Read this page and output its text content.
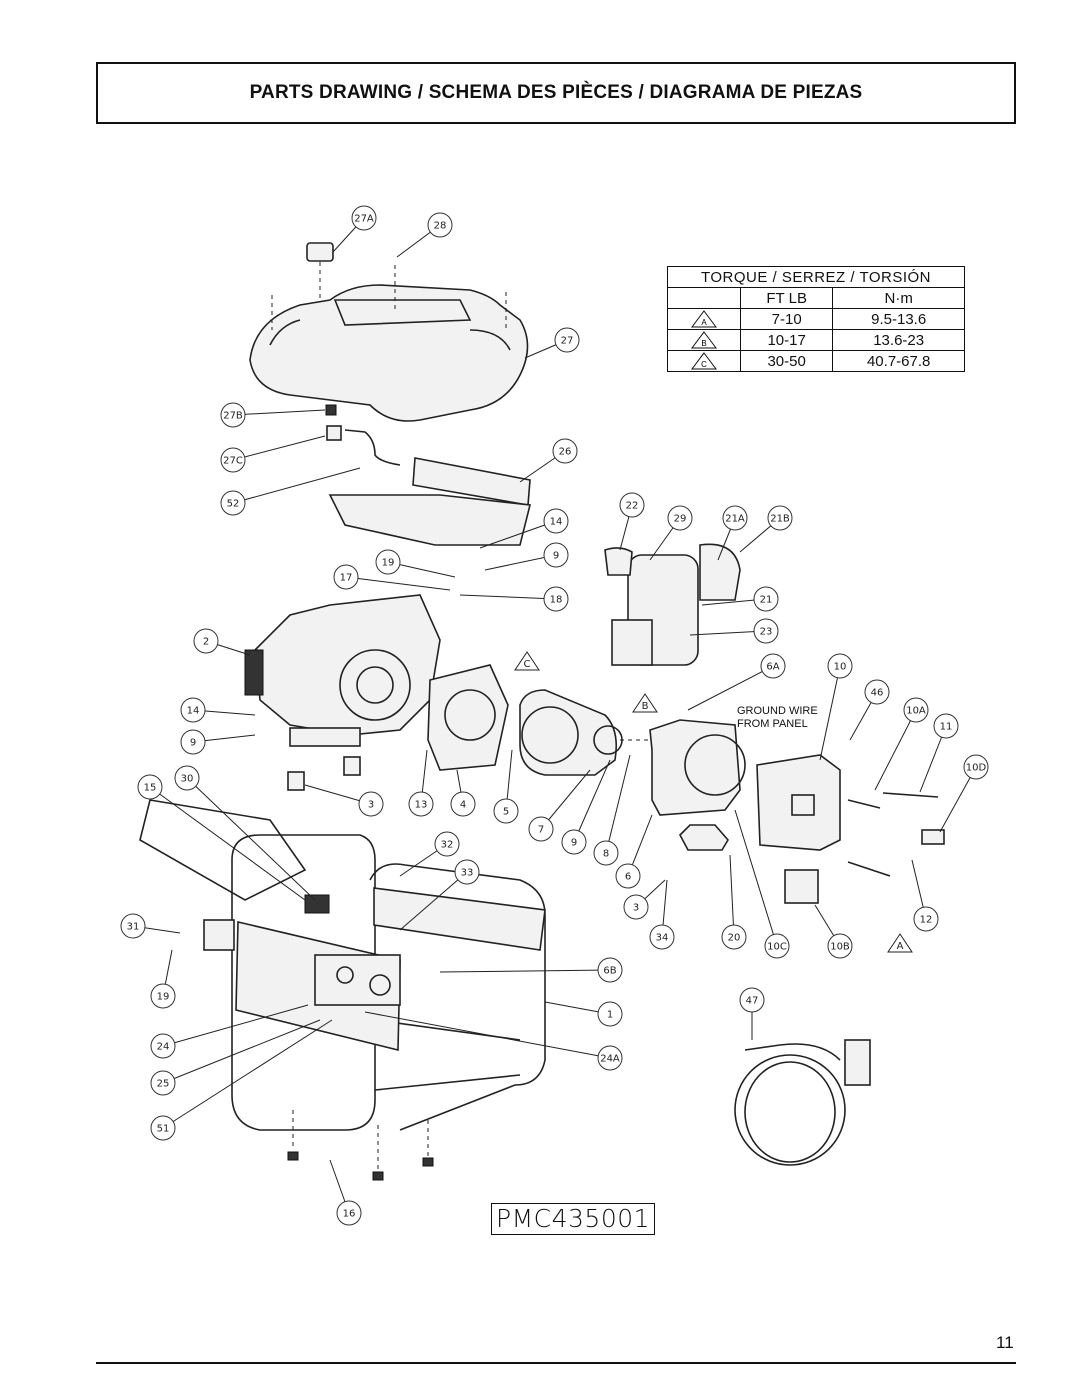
PARTS DRAWING / SCHEMA DES PIÈCES / DIAGRAMA DE PIEZAS
TORQUE / SERREZ / TORSIÓN		
	FT LB	N·m

A	7-10	9.5-13.6

B	10-17	13.6-23

C	30-50	40.7-67.8
C
B
A
27A
28
27
27B
27C
52
26
22
29	21A	21B
14
9
19
17
18	21
23
2
6A	10
46
10A
11
10D
14
9
15
30
3	13	4
5
7
9
8
6
32
33
3
34	20
10C	10B
12
31
19
6B
1
47
24
24A
25
51
16
GROUND WIRE
FROM PANEL
PMC435001
11
